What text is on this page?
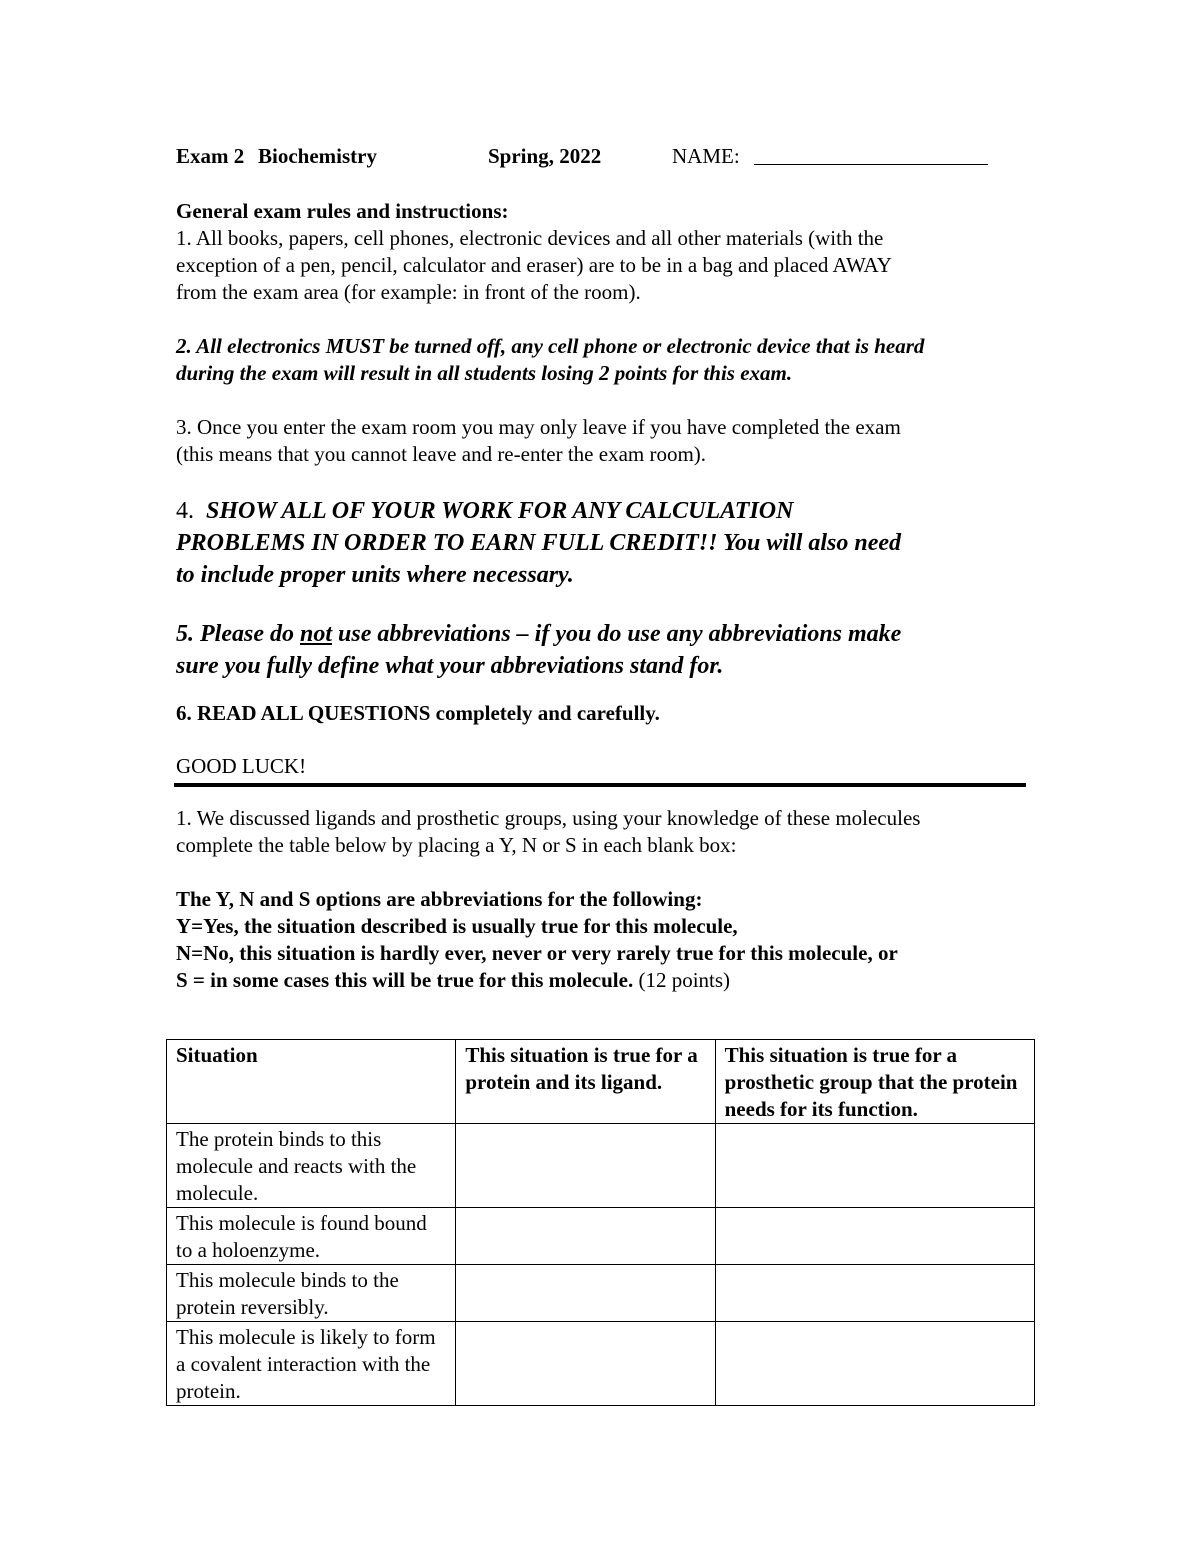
Exam 2 Biochemistry	Spring, 2022	NAME:
General exam rules and instructions:

1. All books, papers, cell phones, electronic devices and all other materials (with the

exception of a pen, pencil, calculator and eraser) are to be in a bag and placed AWAY

from the exam area (for example: in front of the room).

2. All electronics MUST be turned off, any cell phone or electronic device that is heard

during the exam will result in all students losing 2 points for this exam.

3. Once you enter the exam room you may only leave if you have completed the exam

(this means that you cannot leave and re-enter the exam room).

4. SHOW ALL OF YOUR WORK FOR ANY CALCULATION

PROBLEMS IN ORDER TO EARN FULL CREDIT!! You will also need

to include proper units where necessary.

5. Please do not use abbreviations – if you do use any abbreviations make

sure you fully define what your abbreviations stand for.

6. READ ALL QUESTIONS completely and carefully.

GOOD LUCK!

1. We discussed ligands and prosthetic groups, using your knowledge of these molecules

complete the table below by placing a Y, N or S in each blank box:

The Y, N and S options are abbreviations for the following:

Y=Yes, the situation described is usually true for this molecule,

N=No, this situation is hardly ever, never or very rarely true for this molecule, or

S = in some cases this will be true for this molecule. (12 points)

Situation	This situation is true for a protein and its ligand.	This situation is true for a prosthetic group that the protein needs for its function.
The protein binds to this molecule and reacts with the molecule.		
This molecule is found bound to a holoenzyme.		
This molecule binds to the protein reversibly.		
This molecule is likely to form a covalent interaction with the protein.		
